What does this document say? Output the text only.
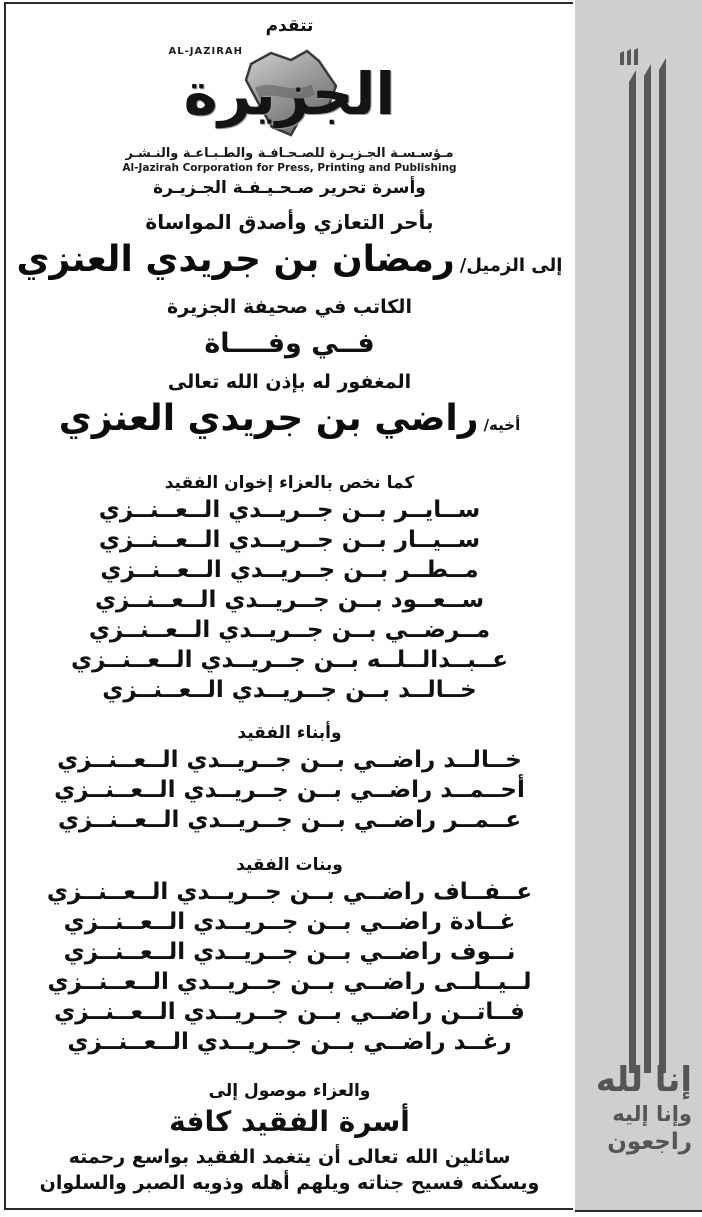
تتقدم
AL-JAZIRAH
الجزيرة
مـؤسـسـة الجـزيـرة للصـحـافـة والطـبـاعـة والنـشـر
Al-Jazirah Corporation for Press, Printing and Publishing
وأسرة تحرير صـحـيـفـة الجـزيـرة
بأحر التعازي وأصدق المواساة
إلى الزميل/ رمضان بن جريدي العنزي
الكاتب في صحيفة الجزيرة
فــي وفــــاة
المغفور له بإذن الله تعالى
أخيه/ راضي بن جريدي العنزي
كما نخص بالعزاء إخوان الفقيد
ســايــر بــن جــريــدي الــعــنــزي
ســيــار بــن جــريــدي الــعــنــزي
مــطــر بــن جــريــدي الــعــنــزي
ســعــود بــن جــريــدي الــعــنــزي
مــرضــي بــن جــريــدي الــعــنــزي
عــبــدالــلــه بــن جــريــدي الــعــنــزي
خــالــد بــن جــريــدي الــعــنــزي
وأبناء الفقيد
خــالــد راضــي بــن جــريــدي الــعــنــزي
أحــمــد راضــي بــن جــريــدي الــعــنــزي
عــمــر راضــي بــن جــريــدي الــعــنــزي
وبنات الفقيد
عــفــاف راضــي بــن جــريــدي الــعــنــزي
غــادة راضــي بــن جــريــدي الــعــنــزي
نــوف راضــي بــن جــريــدي الــعــنــزي
لــيــلــى راضــي بــن جــريــدي الــعــنــزي
فــاتــن راضــي بــن جــريــدي الــعــنــزي
رغــد راضــي بــن جــريــدي الــعــنــزي
والعزاء موصول إلى
أسرة الفقيد كافة
سائلين الله تعالى أن يتغمد الفقيد بواسع رحمته
ويسكنه فسيح جناته ويلهم أهله وذويه الصبر والسلوان
إنا لله
وإنا إليه
راجعون
